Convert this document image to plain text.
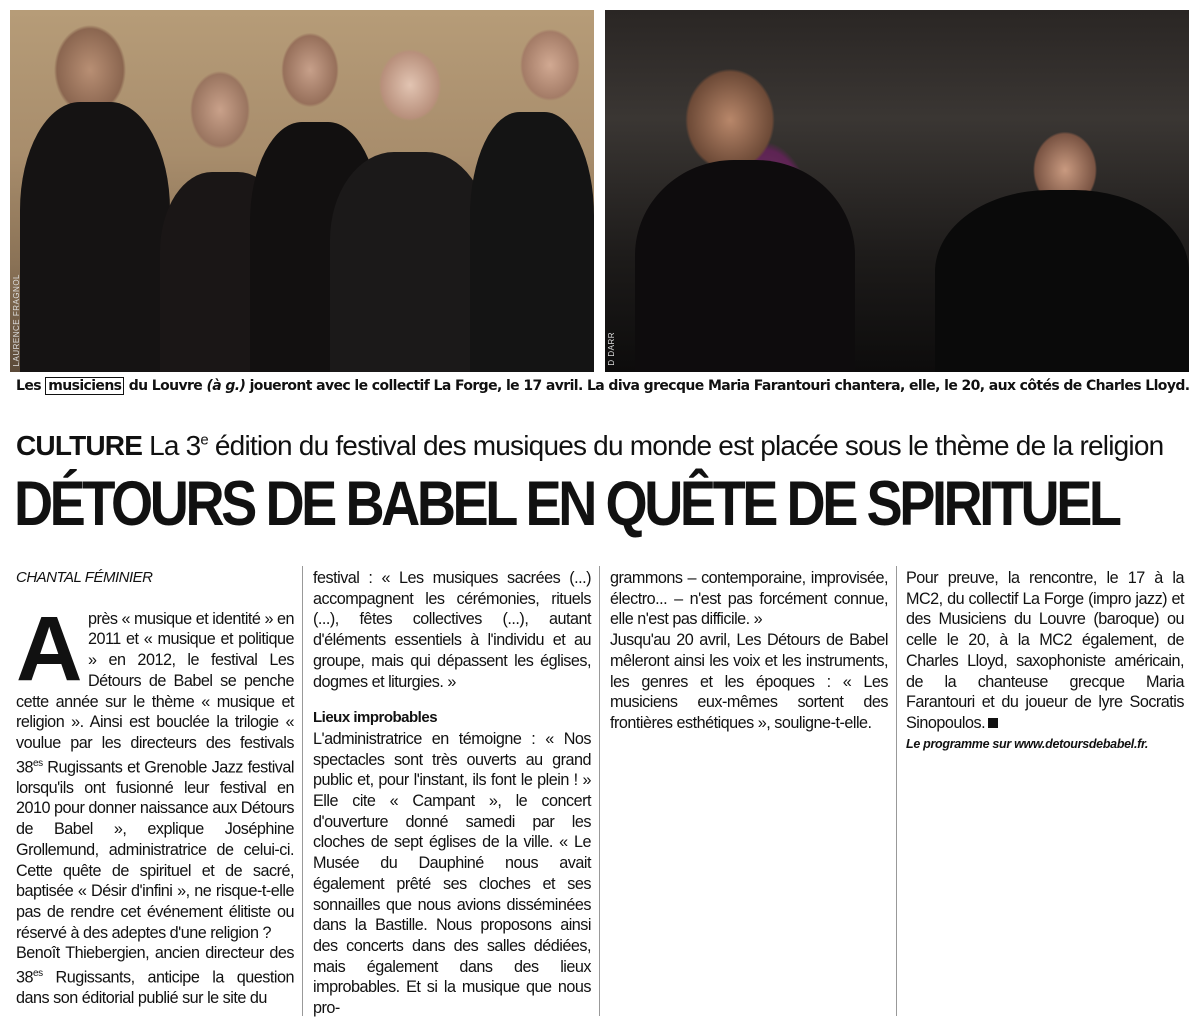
LAURENCE FRAGNOL	D DARR
Les musiciens du Louvre (à g.) joueront avec le collectif La Forge, le 17 avril. La diva grecque Maria Farantouri chantera, elle, le 20, aux côtés de Charles Lloyd.
CULTURE La 3e édition du festival des musiques du monde est placée sous le thème de la religion
DÉTOURS DE BABEL EN QUÊTE DE SPIRITUEL
CHANTAL FÉMINIER

Après « musique et identité » en 2011 et « musique et politique » en 2012, le festival Les Détours de Babel se penche cette année sur le thème « musique et religion ». Ainsi est bouclée la trilogie « voulue par les directeurs des festivals $38^{es}$ Rugissants et Grenoble Jazz festival lorsqu'ils ont fusionné leur festival en 2010 pour donner naissance aux Détours de Babel », explique Joséphine Grollemund, administratrice de celui-ci. Cette quête de spirituel et de sacré, baptisée « Désir d'infini », ne risque-t-elle pas de rendre cet événement élitiste ou réservé à des adeptes d'une religion ?

Benoît Thiebergien, ancien directeur des $38^{es}$ Rugissants, anticipe la question dans son éditorial publié sur le site du

festival : « Les musiques sacrées (...) accompagnent les cérémonies, rituels (...), fêtes collectives (...), autant d'éléments essentiels à l'individu et au groupe, mais qui dépassent les églises, dogmes et liturgies. »

Lieux improbables

L'administratrice en témoigne : « Nos spectacles sont très ouverts au grand public et, pour l'instant, ils font le plein ! » Elle cite « Campant », le concert d'ouverture donné samedi par les cloches de sept églises de la ville. « Le Musée du Dauphiné nous avait également prêté ses cloches et ses sonnailles que nous avions disséminées dans la Bastille. Nous proposons ainsi des concerts dans des salles dédiées, mais également dans des lieux improbables. Et si la musique que nous pro-

grammons – contemporaine, improvisée, électro... – n'est pas forcément connue, elle n'est pas difficile. »

Jusqu'au 20 avril, Les Détours de Babel mêleront ainsi les voix et les instruments, les genres et les époques : « Les musiciens eux-mêmes sortent des frontières esthétiques », souligne-t-elle.

Pour preuve, la rencontre, le 17 à la MC2, du collectif La Forge (impro jazz) et des Musiciens du Louvre (baroque) ou celle le 20, à la MC2 également, de Charles Lloyd, saxophoniste américain, de la chanteuse grecque Maria Farantouri et du joueur de lyre Socratis Sinopoulos.

Le programme sur www.detoursdebabel.fr.
